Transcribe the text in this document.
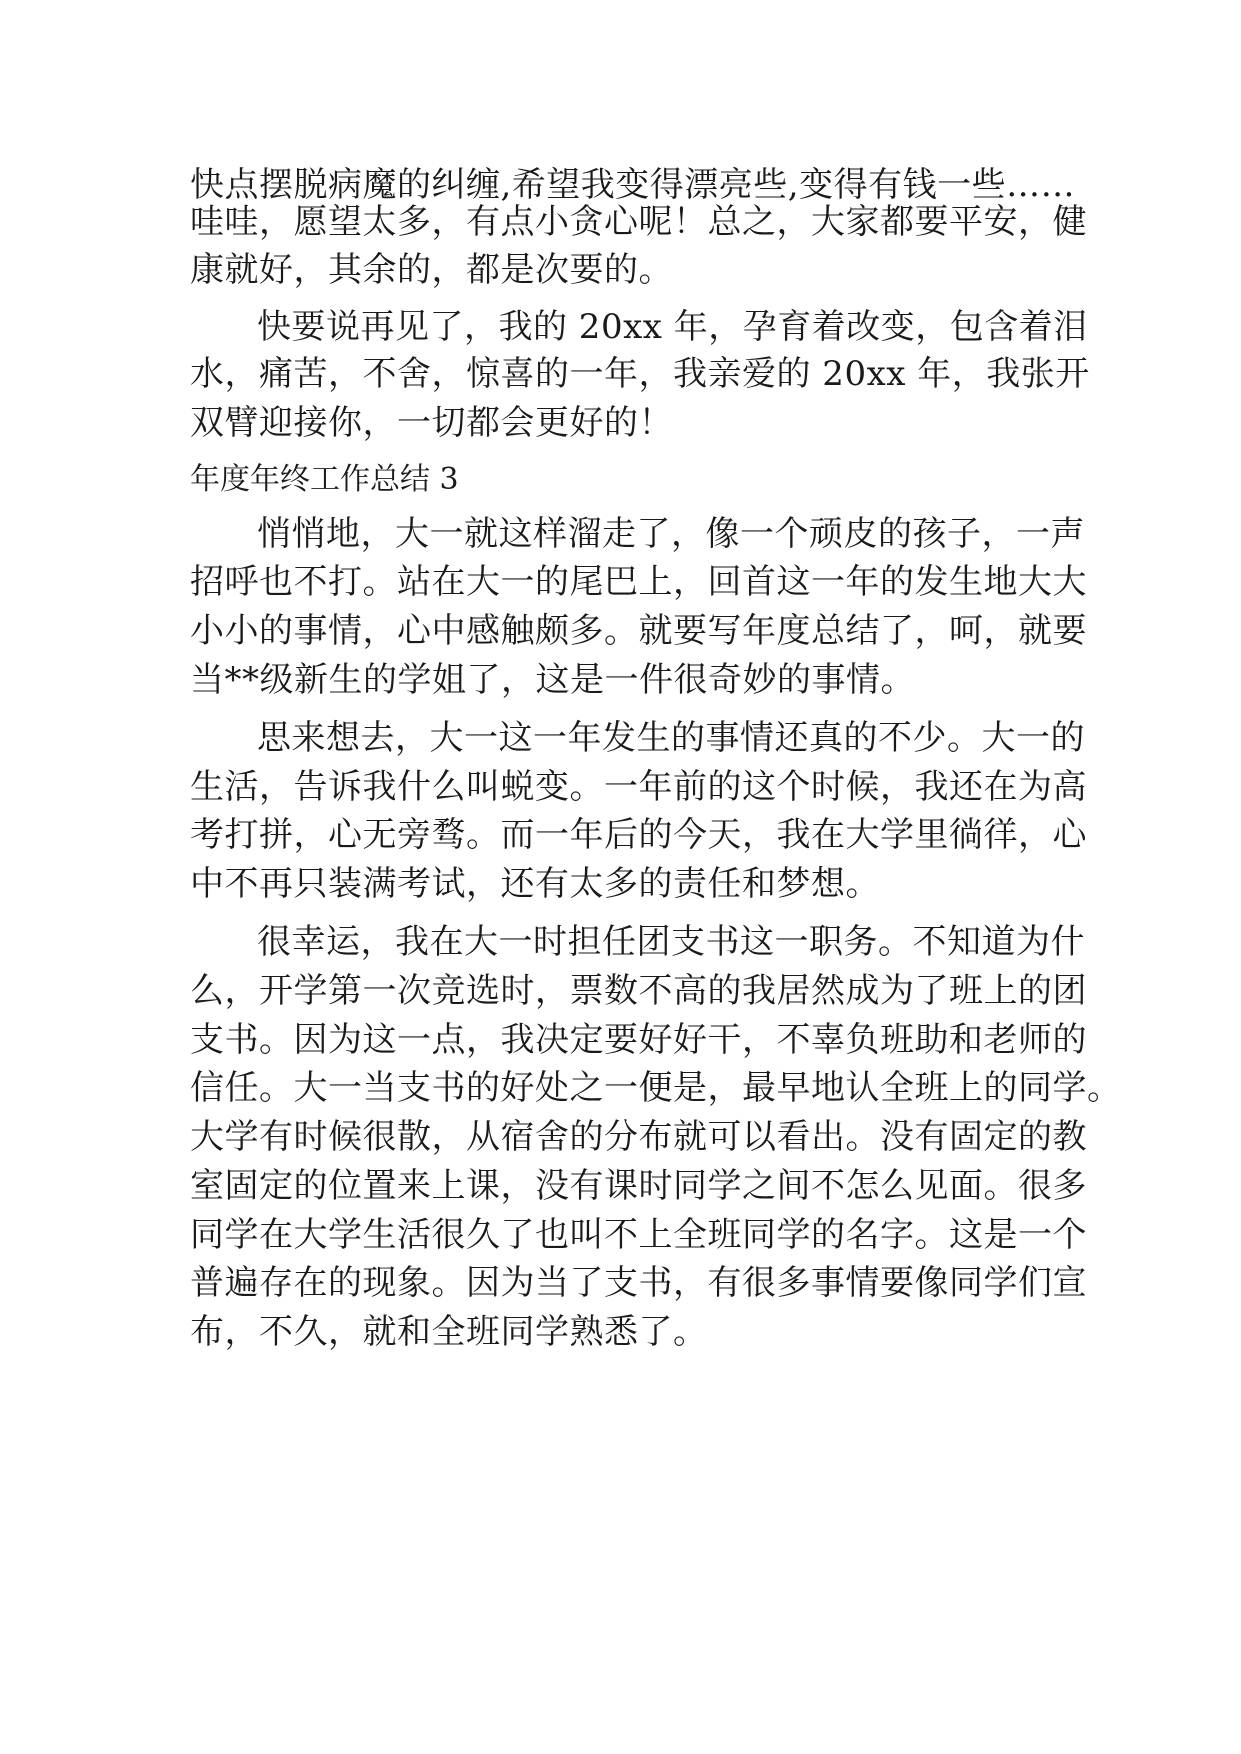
快点摆脱病魔的纠缠,希望我变得漂亮些,变得有钱一些……
哇哇，愿望太多，有点小贪心呢！总之，大家都要平安，健
康就好，其余的，都是次要的。
快要说再见了，我的 20xx 年，孕育着改变，包含着泪
水，痛苦，不舍，惊喜的一年，我亲爱的 20xx 年，我张开
双臂迎接你，一切都会更好的！
年度年终工作总结 3
悄悄地，大一就这样溜走了，像一个顽皮的孩子，一声
招呼也不打。站在大一的尾巴上，回首这一年的发生地大大
小小的事情，心中感触颇多。就要写年度总结了，呵，就要
当**级新生的学姐了，这是一件很奇妙的事情。
思来想去，大一这一年发生的事情还真的不少。大一的
生活，告诉我什么叫蜕变。一年前的这个时候，我还在为高
考打拼，心无旁骛。而一年后的今天，我在大学里徜徉，心
中不再只装满考试，还有太多的责任和梦想。
很幸运，我在大一时担任团支书这一职务。不知道为什
么，开学第一次竞选时，票数不高的我居然成为了班上的团
支书。因为这一点，我决定要好好干，不辜负班助和老师的
信任。大一当支书的好处之一便是，最早地认全班上的同学。
大学有时候很散，从宿舍的分布就可以看出。没有固定的教
室固定的位置来上课，没有课时同学之间不怎么见面。很多
同学在大学生活很久了也叫不上全班同学的名字。这是一个
普遍存在的现象。因为当了支书，有很多事情要像同学们宣
布，不久，就和全班同学熟悉了。
